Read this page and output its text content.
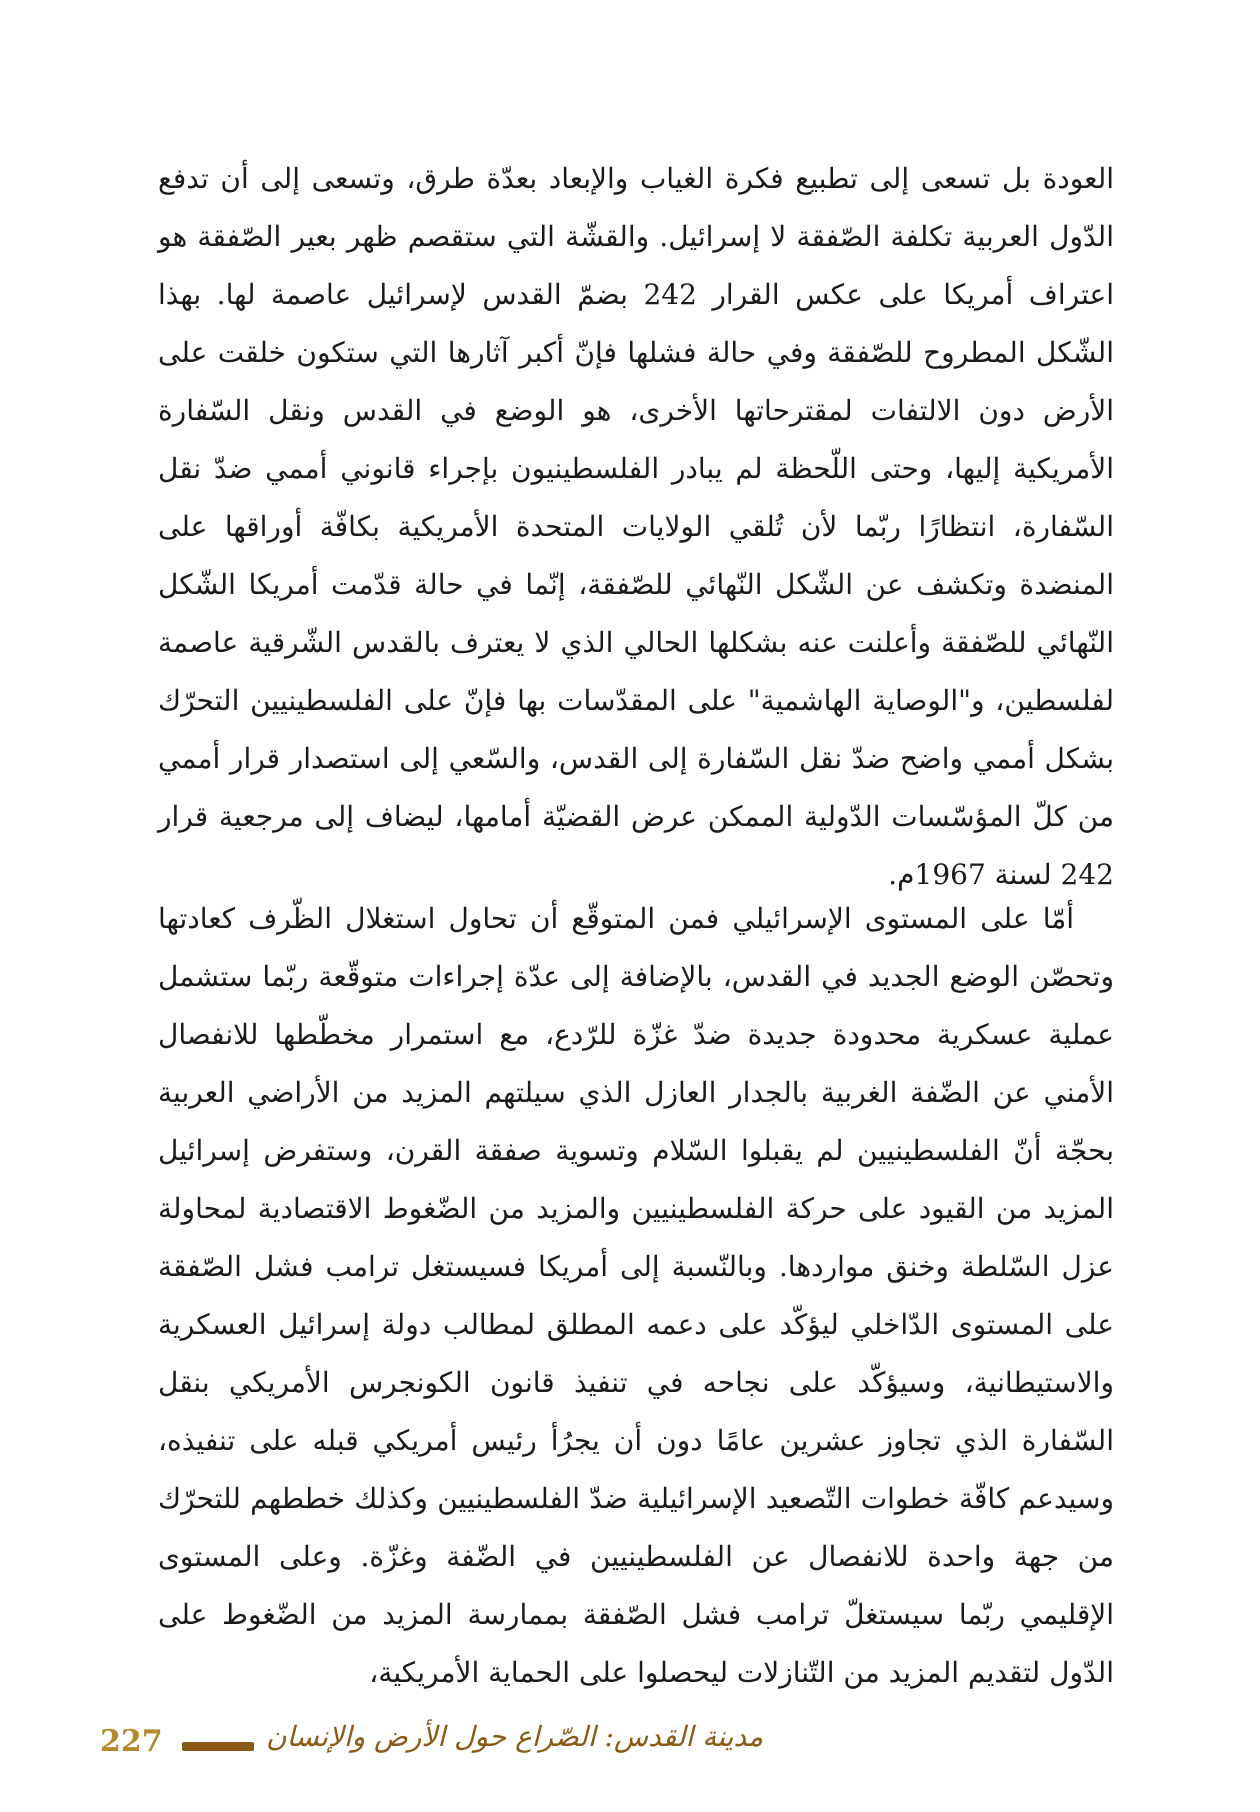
العودة بل تسعى إلى تطبيع فكرة الغياب والإبعاد بعدّة طرق، وتسعى إلى أن تدفع الدّول العربية تكلفة الصّفقة لا إسرائيل. والقشّة التي ستقصم ظهر بعير الصّفقة هو اعتراف أمريكا على عكس القرار 242 بضمّ القدس لإسرائيل عاصمة لها. بهذا الشّكل المطروح للصّفقة وفي حالة فشلها فإنّ أكبر آثارها التي ستكون خلقت على الأرض دون الالتفات لمقترحاتها الأخرى، هو الوضع في القدس ونقل السّفارة الأمريكية إليها، وحتى اللّحظة لم يبادر الفلسطينيون بإجراء قانوني أممي ضدّ نقل السّفارة، انتظارًا ربّما لأن تُلقي الولايات المتحدة الأمريكية بكافّة أوراقها على المنضدة وتكشف عن الشّكل النّهائي للصّفقة، إنّما في حالة قدّمت أمريكا الشّكل النّهائي للصّفقة وأعلنت عنه بشكلها الحالي الذي لا يعترف بالقدس الشّرقية عاصمة لفلسطين، و"الوصاية الهاشمية" على المقدّسات بها فإنّ على الفلسطينيين التحرّك بشكل أممي واضح ضدّ نقل السّفارة إلى القدس، والسّعي إلى استصدار قرار أممي من كلّ المؤسّسات الدّولية الممكن عرض القضيّة أمامها، ليضاف إلى مرجعية قرار 242 لسنة 1967م.

أمّا على المستوى الإسرائيلي فمن المتوقّع أن تحاول استغلال الظّرف كعادتها وتحصّن الوضع الجديد في القدس، بالإضافة إلى عدّة إجراءات متوقّعة ربّما ستشمل عملية عسكرية محدودة جديدة ضدّ غزّة للرّدع، مع استمرار مخطّطها للانفصال الأمني عن الضّفة الغربية بالجدار العازل الذي سيلتهم المزيد من الأراضي العربية بحجّة أنّ الفلسطينيين لم يقبلوا السّلام وتسوية صفقة القرن، وستفرض إسرائيل المزيد من القيود على حركة الفلسطينيين والمزيد من الضّغوط الاقتصادية لمحاولة عزل السّلطة وخنق مواردها. وبالنّسبة إلى أمريكا فسيستغل ترامب فشل الصّفقة على المستوى الدّاخلي ليؤكّد على دعمه المطلق لمطالب دولة إسرائيل العسكرية والاستيطانية، وسيؤكّد على نجاحه في تنفيذ قانون الكونجرس الأمريكي بنقل السّفارة الذي تجاوز عشرين عامًا دون أن يجرُأ رئيس أمريكي قبله على تنفيذه، وسيدعم كافّة خطوات التّصعيد الإسرائيلية ضدّ الفلسطينيين وكذلك خططهم للتحرّك من جهة واحدة للانفصال عن الفلسطينيين في الضّفة وغزّة. وعلى المستوى الإقليمي ربّما سيستغلّ ترامب فشل الصّفقة بممارسة المزيد من الضّغوط على الدّول لتقديم المزيد من التّنازلات ليحصلوا على الحماية الأمريكية،

227	مدينة القدس: الصّراع حول الأرض والإنسان
